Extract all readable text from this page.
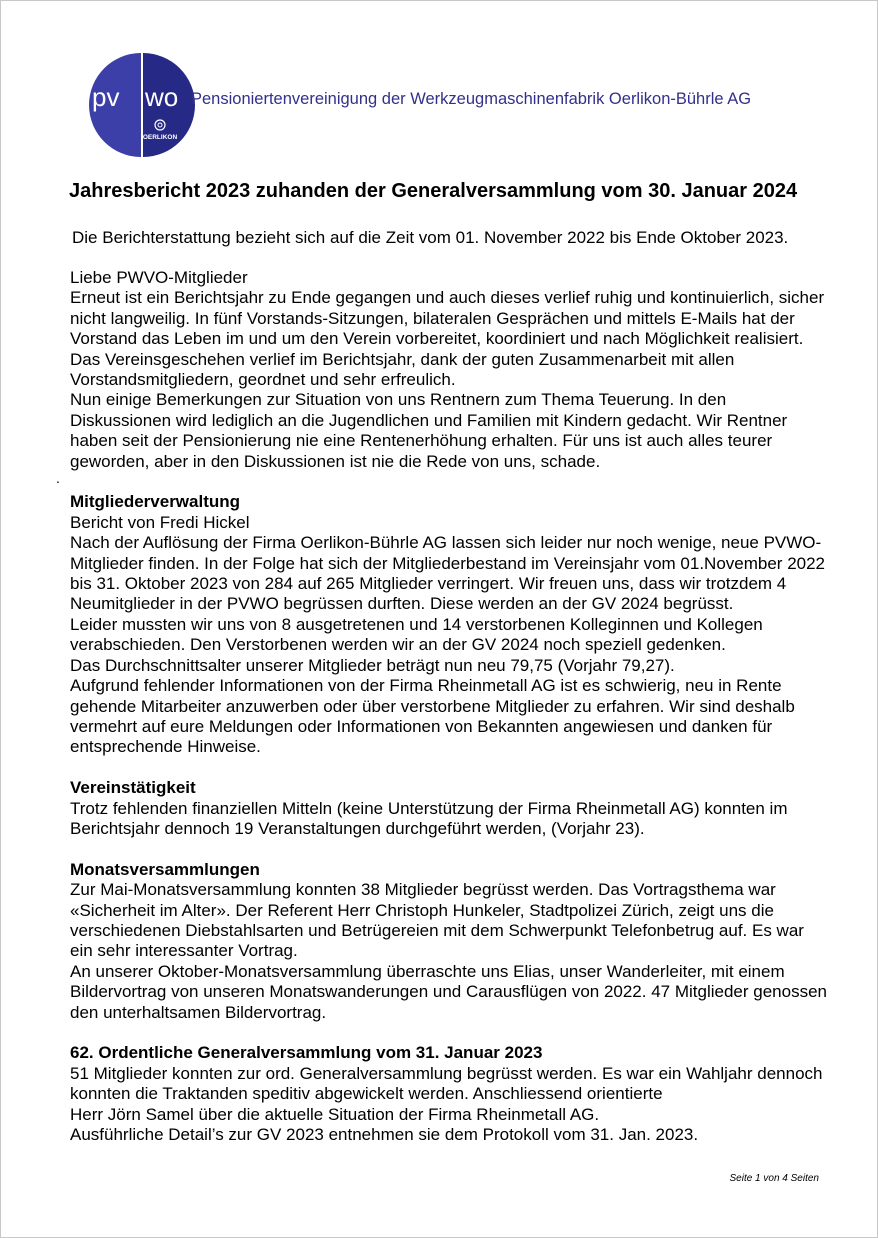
pv wo
OERLIKON
Pensioniertenvereinigung der Werkzeugmaschinenfabrik Oerlikon-Bührle AG
Jahresbericht 2023 zuhanden der Generalversammlung vom 30. Januar 2024

Die Berichterstattung bezieht sich auf die Zeit vom 01. November 2022 bis Ende Oktober 2023.

.

Liebe PWVO-Mitglieder

Erneut ist ein Berichtsjahr zu Ende gegangen und auch dieses verlief ruhig und kontinuierlich, sicher nicht langweilig. In fünf Vorstands-Sitzungen, bilateralen Gesprächen und mittels E-Mails hat der Vorstand das Leben im und um den Verein vorbereitet, koordiniert und nach Möglichkeit realisiert. Das Vereinsgeschehen verlief im Berichtsjahr, dank der guten Zusammenarbeit mit allen Vorstandsmitgliedern, geordnet und sehr erfreulich.

Nun einige Bemerkungen zur Situation von uns Rentnern zum Thema Teuerung. In den Diskussionen wird lediglich an die Jugendlichen und Familien mit Kindern gedacht. Wir Rentner haben seit der Pensionierung nie eine Rentenerhöhung erhalten. Für uns ist auch alles teurer geworden, aber in den Diskussionen ist nie die Rede von uns, schade.

Mitgliederverwaltung

Bericht von Fredi Hickel

Nach der Auflösung der Firma Oerlikon-Bührle AG lassen sich leider nur noch wenige, neue PVWO-Mitglieder finden. In der Folge hat sich der Mitgliederbestand im Vereinsjahr vom 01.November 2022 bis 31. Oktober 2023 von 284 auf 265 Mitglieder verringert. Wir freuen uns, dass wir trotzdem 4 Neumitglieder in der PVWO begrüssen durften. Diese werden an der GV 2024 begrüsst.

Leider mussten wir uns von 8 ausgetretenen und 14 verstorbenen Kolleginnen und Kollegen verabschieden. Den Verstorbenen werden wir an der GV 2024 noch speziell gedenken.

Das Durchschnittsalter unserer Mitglieder beträgt nun neu 79,75 (Vorjahr 79,27).

Aufgrund fehlender Informationen von der Firma Rheinmetall AG ist es schwierig, neu in Rente gehende Mitarbeiter anzuwerben oder über verstorbene Mitglieder zu erfahren. Wir sind deshalb vermehrt auf eure Meldungen oder Informationen von Bekannten angewiesen und danken für entsprechende Hinweise.

Vereinstätigkeit

Trotz fehlenden finanziellen Mitteln (keine Unterstützung der Firma Rheinmetall AG) konnten im Berichtsjahr dennoch 19 Veranstaltungen durchgeführt werden, (Vorjahr 23).

Monatsversammlungen

Zur Mai-Monatsversammlung konnten 38 Mitglieder begrüsst werden. Das Vortragsthema war «Sicherheit im Alter». Der Referent Herr Christoph Hunkeler, Stadtpolizei Zürich, zeigt uns die verschiedenen Diebstahlsarten und Betrügereien mit dem Schwerpunkt Telefonbetrug auf. Es war ein sehr interessanter Vortrag.

An unserer Oktober-Monatsversammlung überraschte uns Elias, unser Wanderleiter, mit einem Bildervortrag von unseren Monatswanderungen und Carausflügen von 2022. 47 Mitglieder genossen den unterhaltsamen Bildervortrag.

62. Ordentliche Generalversammlung vom 31. Januar 2023

51 Mitglieder konnten zur ord. Generalversammlung begrüsst werden. Es war ein Wahljahr dennoch konnten die Traktanden speditiv abgewickelt werden. Anschliessend orientierte

Herr Jörn Samel über die aktuelle Situation der Firma Rheinmetall AG.

Ausführliche Detail’s zur GV 2023 entnehmen sie dem Protokoll vom 31. Jan. 2023.

Seite 1 von 4 Seiten
